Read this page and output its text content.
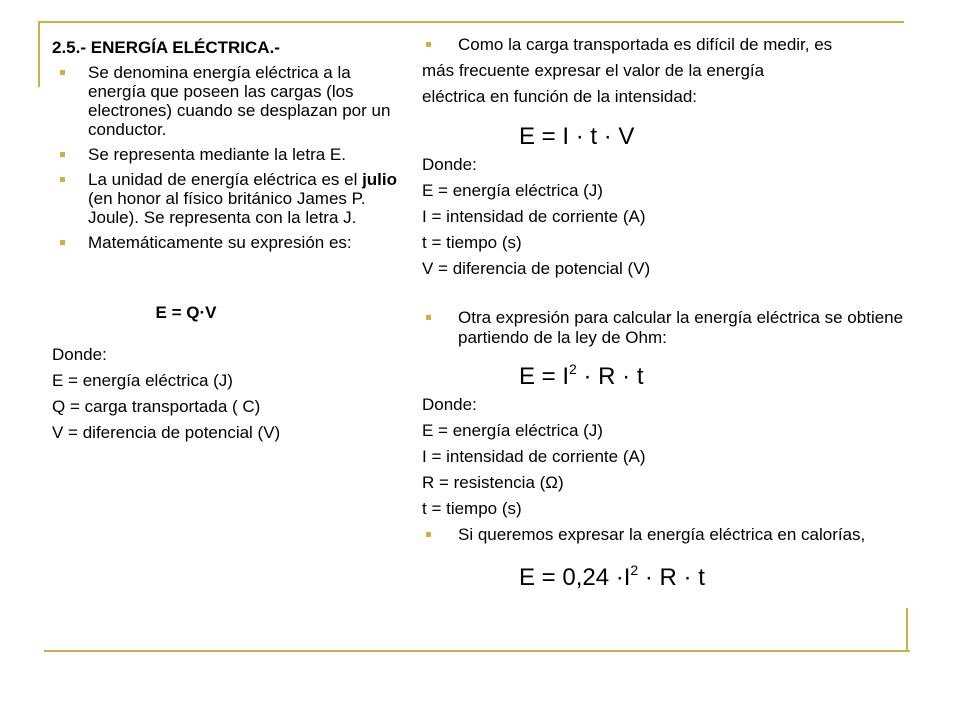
2.5.- ENERGÍA ELÉCTRICA.-

Se denomina energía eléctrica a la energía que poseen las cargas (los electrones) cuando se desplazan por un conductor.

Se representa mediante la letra E.

La unidad de energía eléctrica es el julio (en honor al físico británico James P. Joule). Se representa con la letra J.

Matemáticamente su expresión es:

E = Q·V

Donde:

E = energía eléctrica (J)

Q = carga transportada ( C)

V = diferencia de potencial (V)

Como la carga transportada es difícil de medir, es

más frecuente expresar el valor de la energía

eléctrica en función de la intensidad:

E = I · t · V

Donde:

E = energía eléctrica (J)

I = intensidad de corriente (A)

t = tiempo (s)

V = diferencia de potencial (V)

Otra expresión para calcular la energía eléctrica se obtiene partiendo de la ley de Ohm:

$E = I^2 \cdot R \cdot t$

Donde:

E = energía eléctrica (J)

I = intensidad de corriente (A)

R = resistencia (Ω)

t = tiempo (s)

Si queremos expresar la energía eléctrica en calorías,

$E = 0,24 \cdot I^2 \cdot R \cdot t$
